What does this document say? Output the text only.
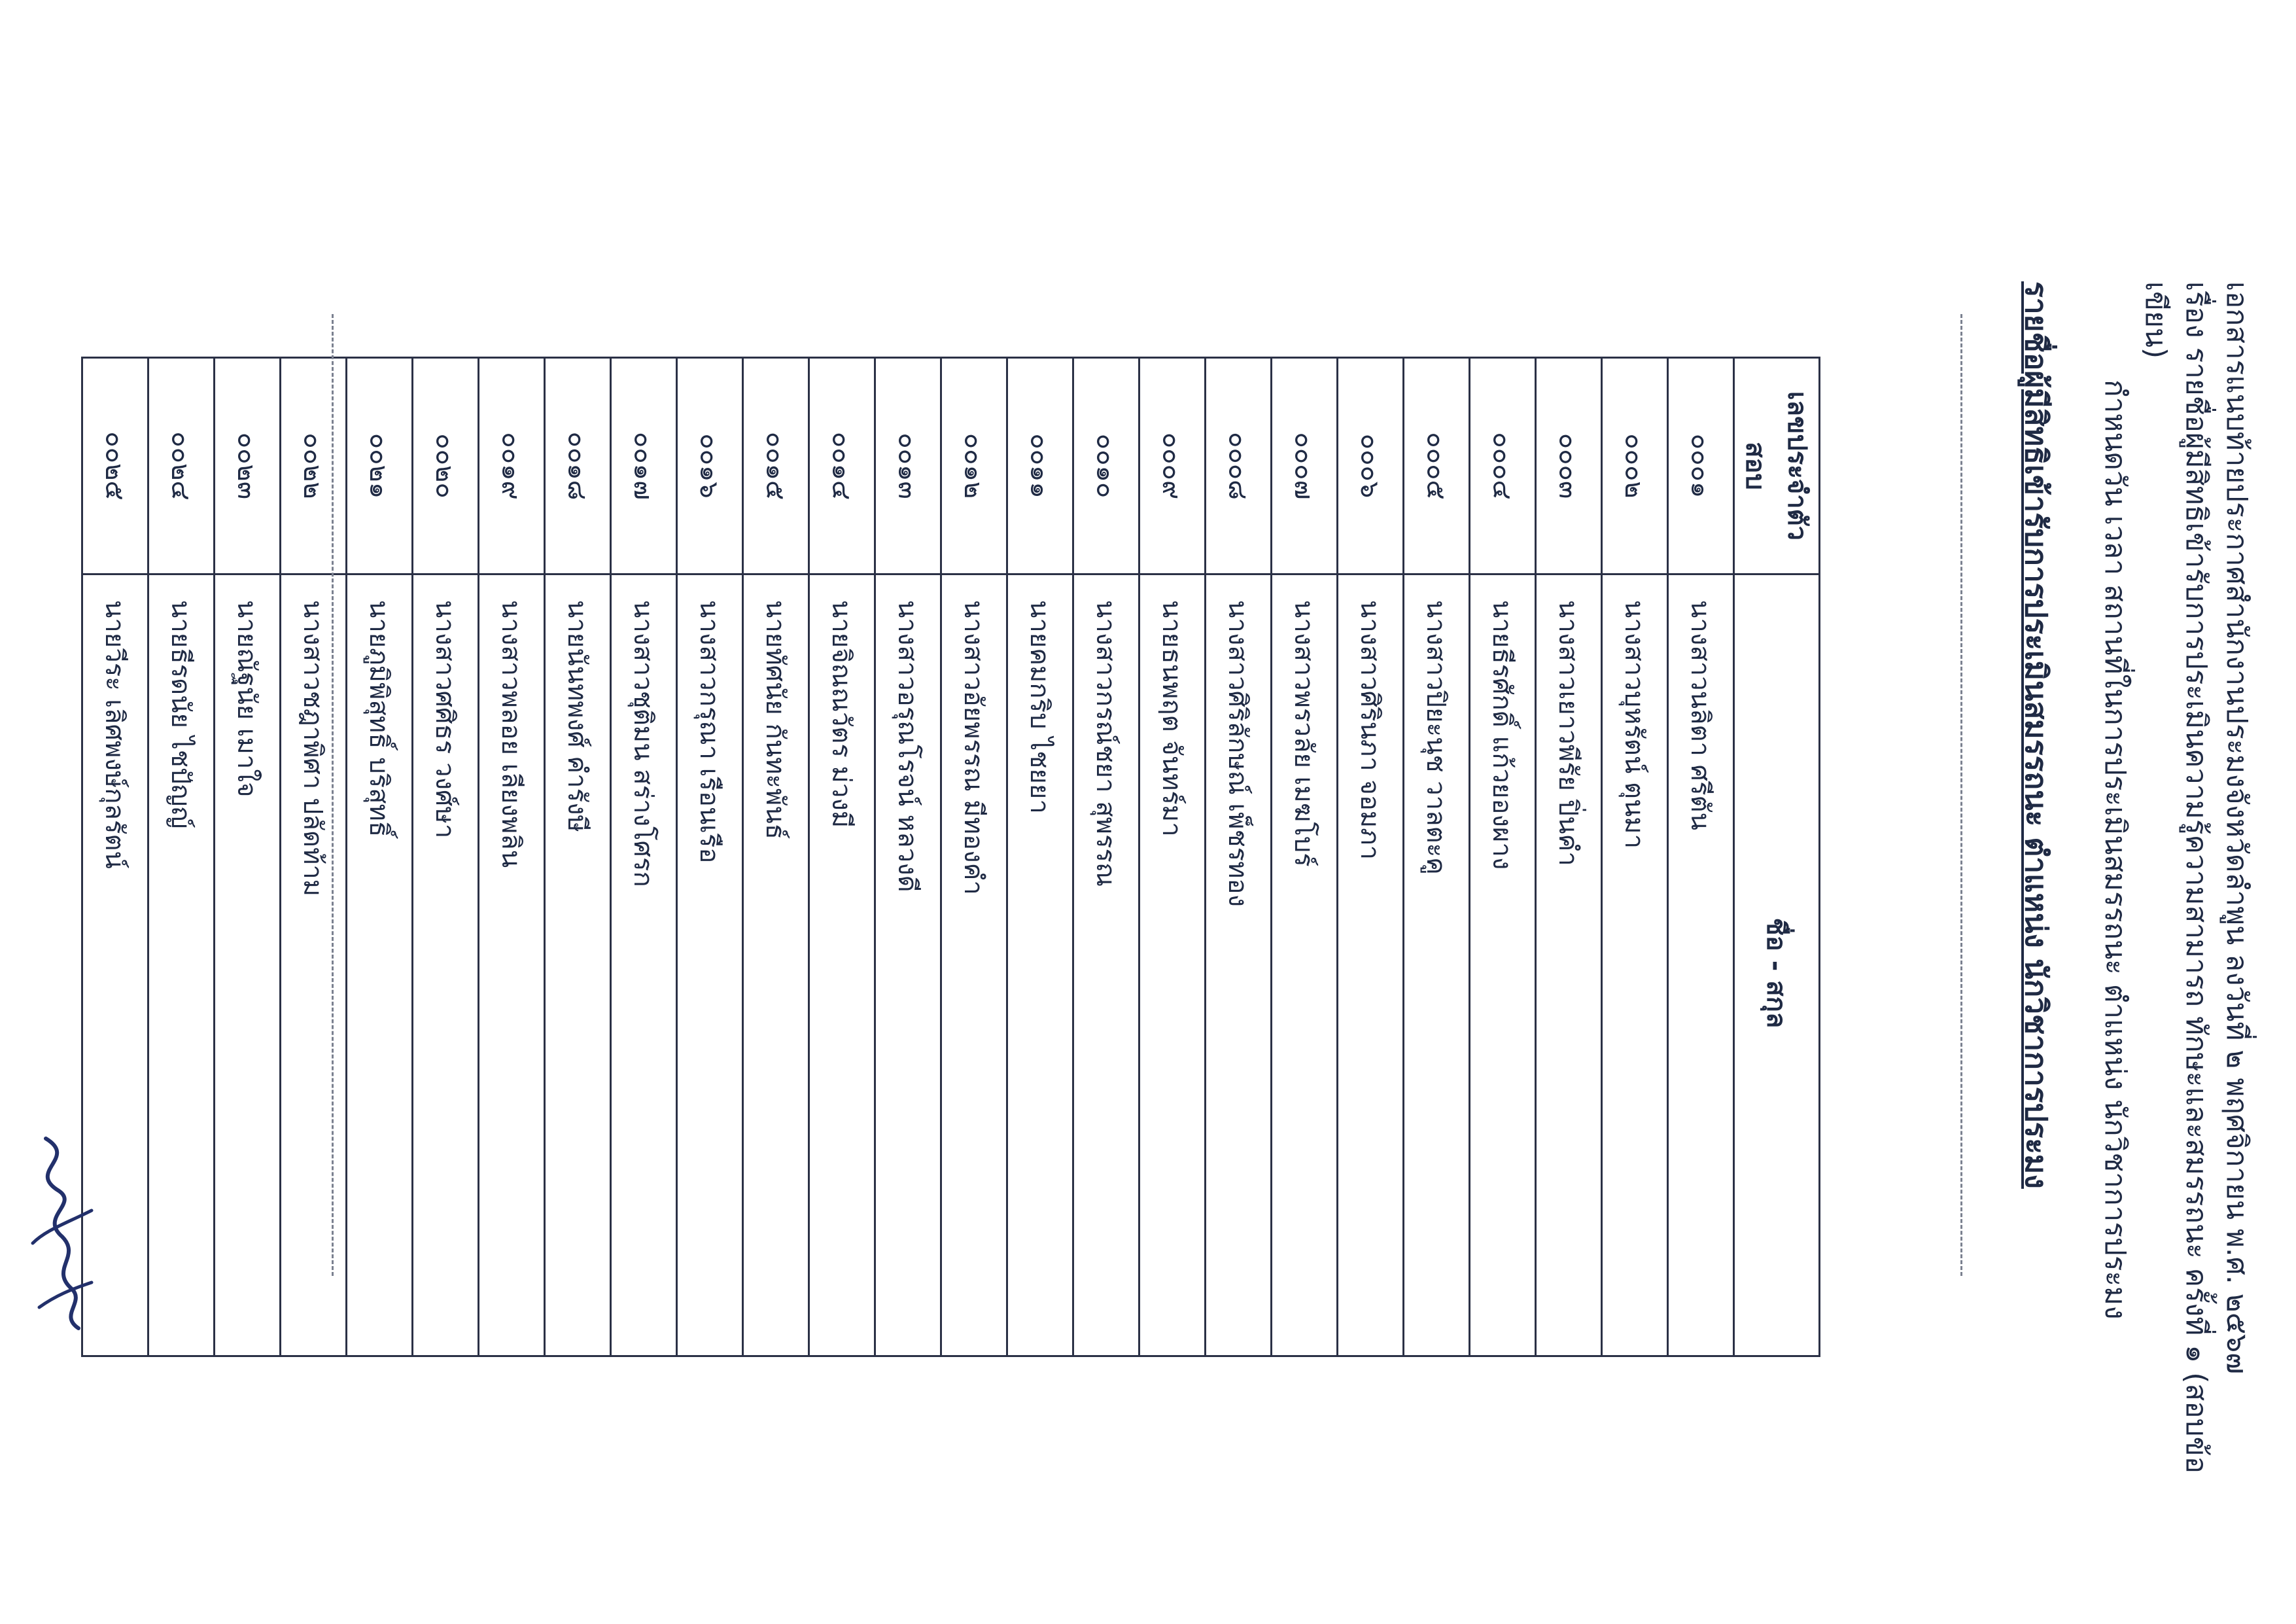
เอกสารแนบท้ายประกาศสำนักงานประมงจังหวัดลำพูน ลงวันที่ ๒ พฤศจิกายน พ.ศ. ๒๕๖๗
เรื่อง รายชื่อผู้มีสิทธิเข้ารับการประเมินความรู้ความสามารถ ทักษะและสมรรถนะ ครั้งที่ ๑ (สอบข้อเขียน)
กำหนดวัน เวลา สถานที่ในการประเมินสมรรถนะ ตำแหน่ง นักวิชาการประมง
รายชื่อผู้มีสิทธิเข้ารับการประเมินสมรรถนะ ตำแหน่ง นักวิชาการประมง
เลขประจำตัวสอบ	ชื่อ - สกุล
๐๐๐๑	นางสาวนลิตา ศรีตัน
๐๐๐๒	นางสาวบุหรัตน์ ตุนมา
๐๐๐๓	นางสาวเยาวพีรัย ปิ่นคำ
๐๐๐๔	นายธีรศักดิ์ แก้วยองผาง
๐๐๐๕	นางสาวปิยะนุช วาลตะคู
๐๐๐๖	นางสาวศิรินภา จอมภา
๐๐๐๗	นางสาวพรวลัย เมฆโบร์
๐๐๐๘	นางสาวศิริลักษณ์ เพ็ชรทอง
๐๐๐๙	นายธนพฤต จันทร์มา
๐๐๑๐	นางสาวกรณ์ชยา สุพรรณ
๐๐๑๑	นายคมกริบ ไชยยา
๐๐๑๒	นางสาวอัยพรรณ มีทองคำ
๐๐๑๓	นางสาวอรุณโรจน์ หลวงดี
๐๐๑๔	นายจิณณวัตร ม่วงมี
๐๐๑๕	นายทัศนัย กันทะพันธ์
๐๐๑๖	นางสาวกรุณา เรือนเรือ
๐๐๑๗	นางสาวชุติมน สร่างโศรก
๐๐๑๘	นายนันทพงศ์ คำรังษี
๐๐๑๙	นางสาวพลอย เลียงพลิน
๐๐๒๐	นางสาวศศิธร วงศ์ษา
๐๐๒๑	นายภูมิพิสุทธิ์ บริสุทธิ์
๐๐๒๒	นางสาวชฎาพิศา ปลัดท้าม
๐๐๒๓	นายณัฐนัย เมาใจ
๐๐๒๔	นายธีรดนัย ไชปัญญ์
๐๐๒๕	นายวีระ เลิศพงษ์กุลรัตน์
